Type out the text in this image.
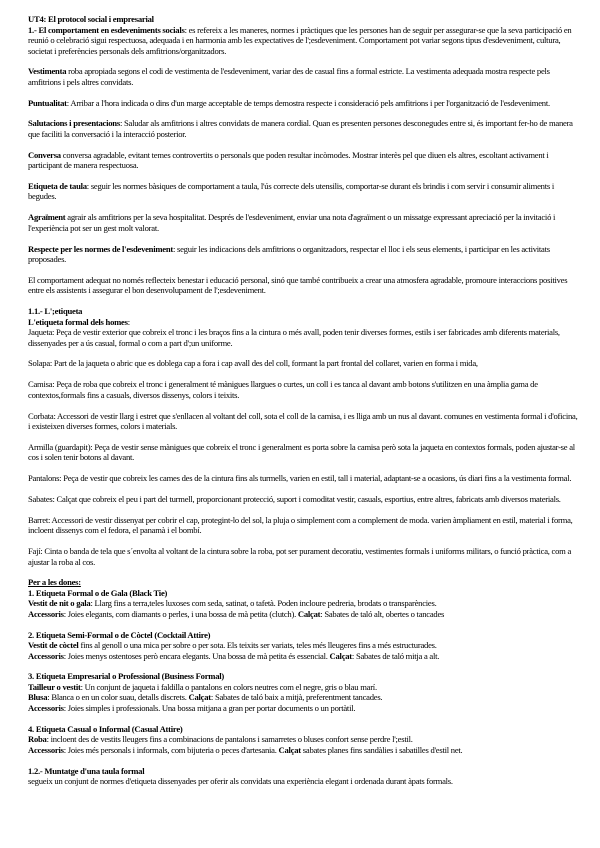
UT4: El protocol social i empresarial

1.- El comportament en esdeveniments socials: es refereix a les maneres, normes i pràctiques que les persones han de seguir per assegurar-se que la seva participació en reunió o celebració sigui respectuosa, adequada i en harmonia amb les expectatives de l';esdeveniment. Comportament pot variar segons tipus d'esdeveniment, cultura, societat i preferències personals dels amfitrions/organitzadors.

Vestimenta roba apropiada segons el codi de vestimenta de l'esdeveniment, variar des de casual fins a formal estricte. La vestimenta adequada mostra respecte pels amfitrions i pels altres convidats.

Puntualitat: Arribar a l'hora indicada o dins d'un marge acceptable de temps demostra respecte i consideració pels amfitrions i per l'organització de l'esdeveniment.

Salutacions i presentacions: Saludar als amfitrions i altres convidats de manera cordial. Quan es presenten persones desconegudes entre si, és important fer-ho de manera que faciliti la conversació i la interacció posterior.

Conversa conversa agradable, evitant temes controvertits o personals que poden resultar incòmodes. Mostrar interès pel que diuen els altres, escoltant activament i participant de manera respectuosa.

Etiqueta de taula: seguir les normes bàsiques de comportament a taula, l'ús correcte dels utensilis, comportar-se durant els brindis i com servir i consumir aliments i begudes.

Agraïment agrair als amfitrions per la seva hospitalitat. Després de l'esdeveniment, enviar una nota d'agraïment o un missatge expressant apreciació per la invitació i l'experiència pot ser un gest molt valorat.

Respecte per les normes de l'esdeveniment: seguir les indicacions dels amfitrions o organitzadors, respectar el lloc i els seus elements, i participar en les activitats proposades.

El comportament adequat no només reflecteix benestar i educació personal, sinó que també contribueix a crear una atmosfera agradable, promoure interaccions positives entre els assistents i assegurar el bon desenvolupament de l';esdeveniment.

1.1.- L';etiqueta

L'etiqueta formal dels homes:

Jaqueta: Peça de vestir exterior que cobreix el tronc i les braços fins a la cintura o més avall, poden tenir diverses formes, estils i ser fabricades amb diferents materials, dissenyades per a ús casual, formal o com a part d';un uniforme.

Solapa: Part de la jaqueta o abric que es doblega cap a fora i cap avall des del coll, formant la part frontal del collaret, varien en forma i mida,

Camisa: Peça de roba que cobreix el tronc i generalment té mànigues llargues o curtes, un coll i es tanca al davant amb botons s'utilitzen en una àmplia gama de contextos,formals fins a casuals, diversos dissenys, colors i teixits.

Corbata: Accessori de vestir llarg i estret que s'enllacen al voltant del coll, sota el coll de la camisa, i es lliga amb un nus al davant. comunes en vestimenta formal i d'oficina, i existeixen diverses formes, colors i materials.

Armilla (guardapit): Peça de vestir sense mànigues que cobreix el tronc i generalment es porta sobre la camisa però sota la jaqueta en contextos formals, poden ajustar-se al cos i solen tenir botons al davant.

Pantalons: Peça de vestir que cobreix les cames des de la cintura fins als turmells, varien en estil, tall i material, adaptant-se a ocasions, ús diari fins a la vestimenta formal.

Sabates: Calçat que cobreix el peu i part del turmell, proporcionant protecció, suport i comoditat vestir, casuals, esportius, entre altres, fabricats amb diversos materials.

Barret: Accessori de vestir dissenyat per cobrir el cap, protegint-lo del sol, la pluja o simplement com a complement de moda. varien àmpliament en estil, material i forma, incloent dissenys com el fedora, el panamà i el bombí.

Fají: Cinta o banda de tela que s´envolta al voltant de la cintura sobre la roba, pot ser purament decoratiu, vestimentes formals i uniforms militars, o funció pràctica, com a ajustar la roba al cos.

Per a les dones:

1. Etiqueta Formal o de Gala (Black Tie)

Vestit de nit o gala: Llarg fins a terra,teles luxoses com seda, satinat, o tafetà. Poden incloure pedreria, brodats o transparències.

Accessoris: Joies elegants, com diamants o perles, i una bossa de mà petita (clutch). Calçat: Sabates de taló alt, obertes o tancades

2. Etiqueta Semi-Formal o de Còctel (Cocktail Attire)

Vestit de còctel fins al genoll o una mica per sobre o per sota. Els teixits ser variats, teles més lleugeres fins a més estructurades.

Accessoris: Joies menys ostentoses però encara elegants. Una bossa de mà petita és essencial. Calçat: Sabates de taló mitja a alt.

3. Etiqueta Empresarial o Professional (Business Formal)

Tailleur o vestit: Un conjunt de jaqueta i faldilla o pantalons en colors neutres com el negre, gris o blau marí.

Blusa: Blanca o en un color suau, detalls discrets. Calçat: Sabates de taló baix a mitjà, preferentment tancades.

Accessoris: Joies simples i professionals. Una bossa mitjana a gran per portar documents o un portàtil.

4. Etiqueta Casual o Informal (Casual Attire)

Roba: incloent des de vestits lleugers fins a combinacions de pantalons i samarretes o bluses confort sense perdre l';estil.

Accessoris: Joies més personals i informals, com bijuteria o peces d'artesania. Calçat sabates planes fins sandàlies i sabatilles d'estil net.

1.2.- Muntatge d'una taula formal

segueix un conjunt de normes d'etiqueta dissenyades per oferir als convidats una experiència elegant i ordenada durant àpats formals.
